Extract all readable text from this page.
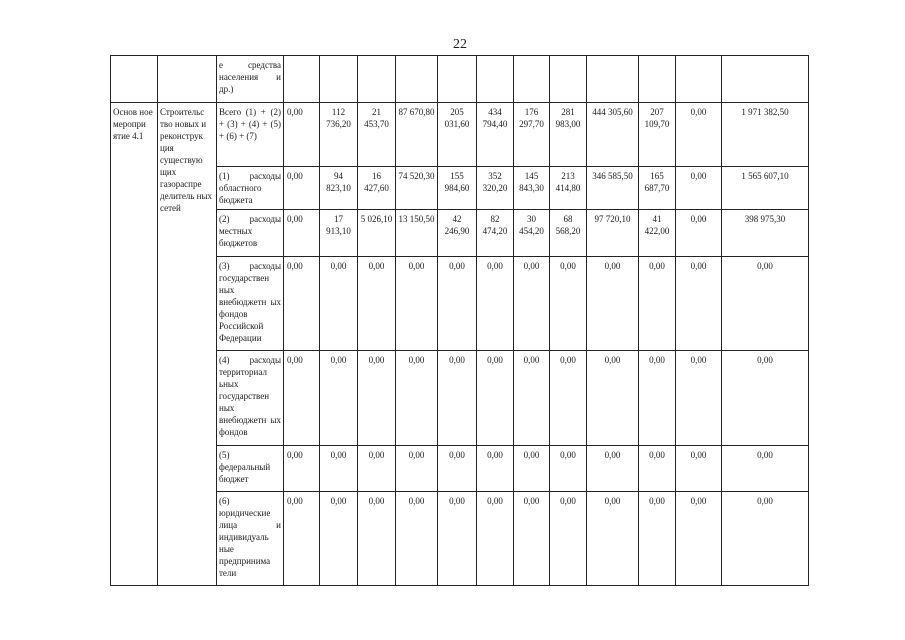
22
		е средства населения и др.)												
Основ ное меропри ятие 4.1	Строительс тво новых и реконструк ция существую щих газораспре делитель ных сетей	Всего (1) + (2) + (3) + (4) + (5) + (6) + (7)	0,00	112 736,20	21 453,70	87 670,80	205 031,60	434 794,40	176 297,70	281 983,00	444 305,60	207 109,70	0,00	1 971 382,50
		(1) расходы областного бюджета	0,00	94 823,10	16 427,60	74 520,30	155 984,60	352 320,20	145 843,30	213 414,80	346 585,50	165 687,70	0,00	1 565 607,10
		(2) расходы местных бюджетов	0,00	17 913,10	5 026,10	13 150,50	42 246,90	82 474,20	30 454,20	68 568,20	97 720,10	41 422,00	0,00	398 975,30
		(3) расходы государствен ных внебюджетн ых фондов Российской Федерации	0,00	0,00	0,00	0,00	0,00	0,00	0,00	0,00	0,00	0,00	0,00	0,00
		(4) расходы территориал ьных государствен ных внебюджетн ых фондов	0,00	0,00	0,00	0,00	0,00	0,00	0,00	0,00	0,00	0,00	0,00	0,00
		(5) федеральный бюджет	0,00	0,00	0,00	0,00	0,00	0,00	0,00	0,00	0,00	0,00	0,00	0,00
		(6) юридические лица и индивидуаль ные предпринима тели	0,00	0,00	0,00	0,00	0,00	0,00	0,00	0,00	0,00	0,00	0,00	0,00
